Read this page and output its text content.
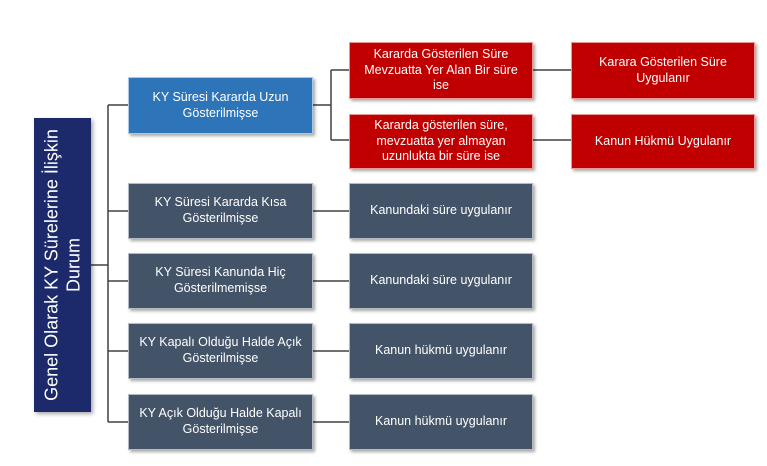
Genel Olarak KY Sürelerine İlişkin Durum
KY Süresi Kararda Uzun Gösterilmişse
Kararda Gösterilen Süre Mevzuatta Yer Alan Bir süre ise
Kararda gösterilen süre, mevzuatta yer almayan uzunlukta bir süre ise
Karara Gösterilen Süre Uygulanır
Kanun Hükmü Uygulanır
KY Süresi Kararda Kısa Gösterilmişse
Kanundaki süre uygulanır
KY Süresi Kanunda Hiç Gösterilmemişse
Kanundaki süre uygulanır
KY Kapalı Olduğu Halde Açık Gösterilmişse
Kanun hükmü uygulanır
KY Açık Olduğu Halde Kapalı Gösterilmişse
Kanun hükmü uygulanır
